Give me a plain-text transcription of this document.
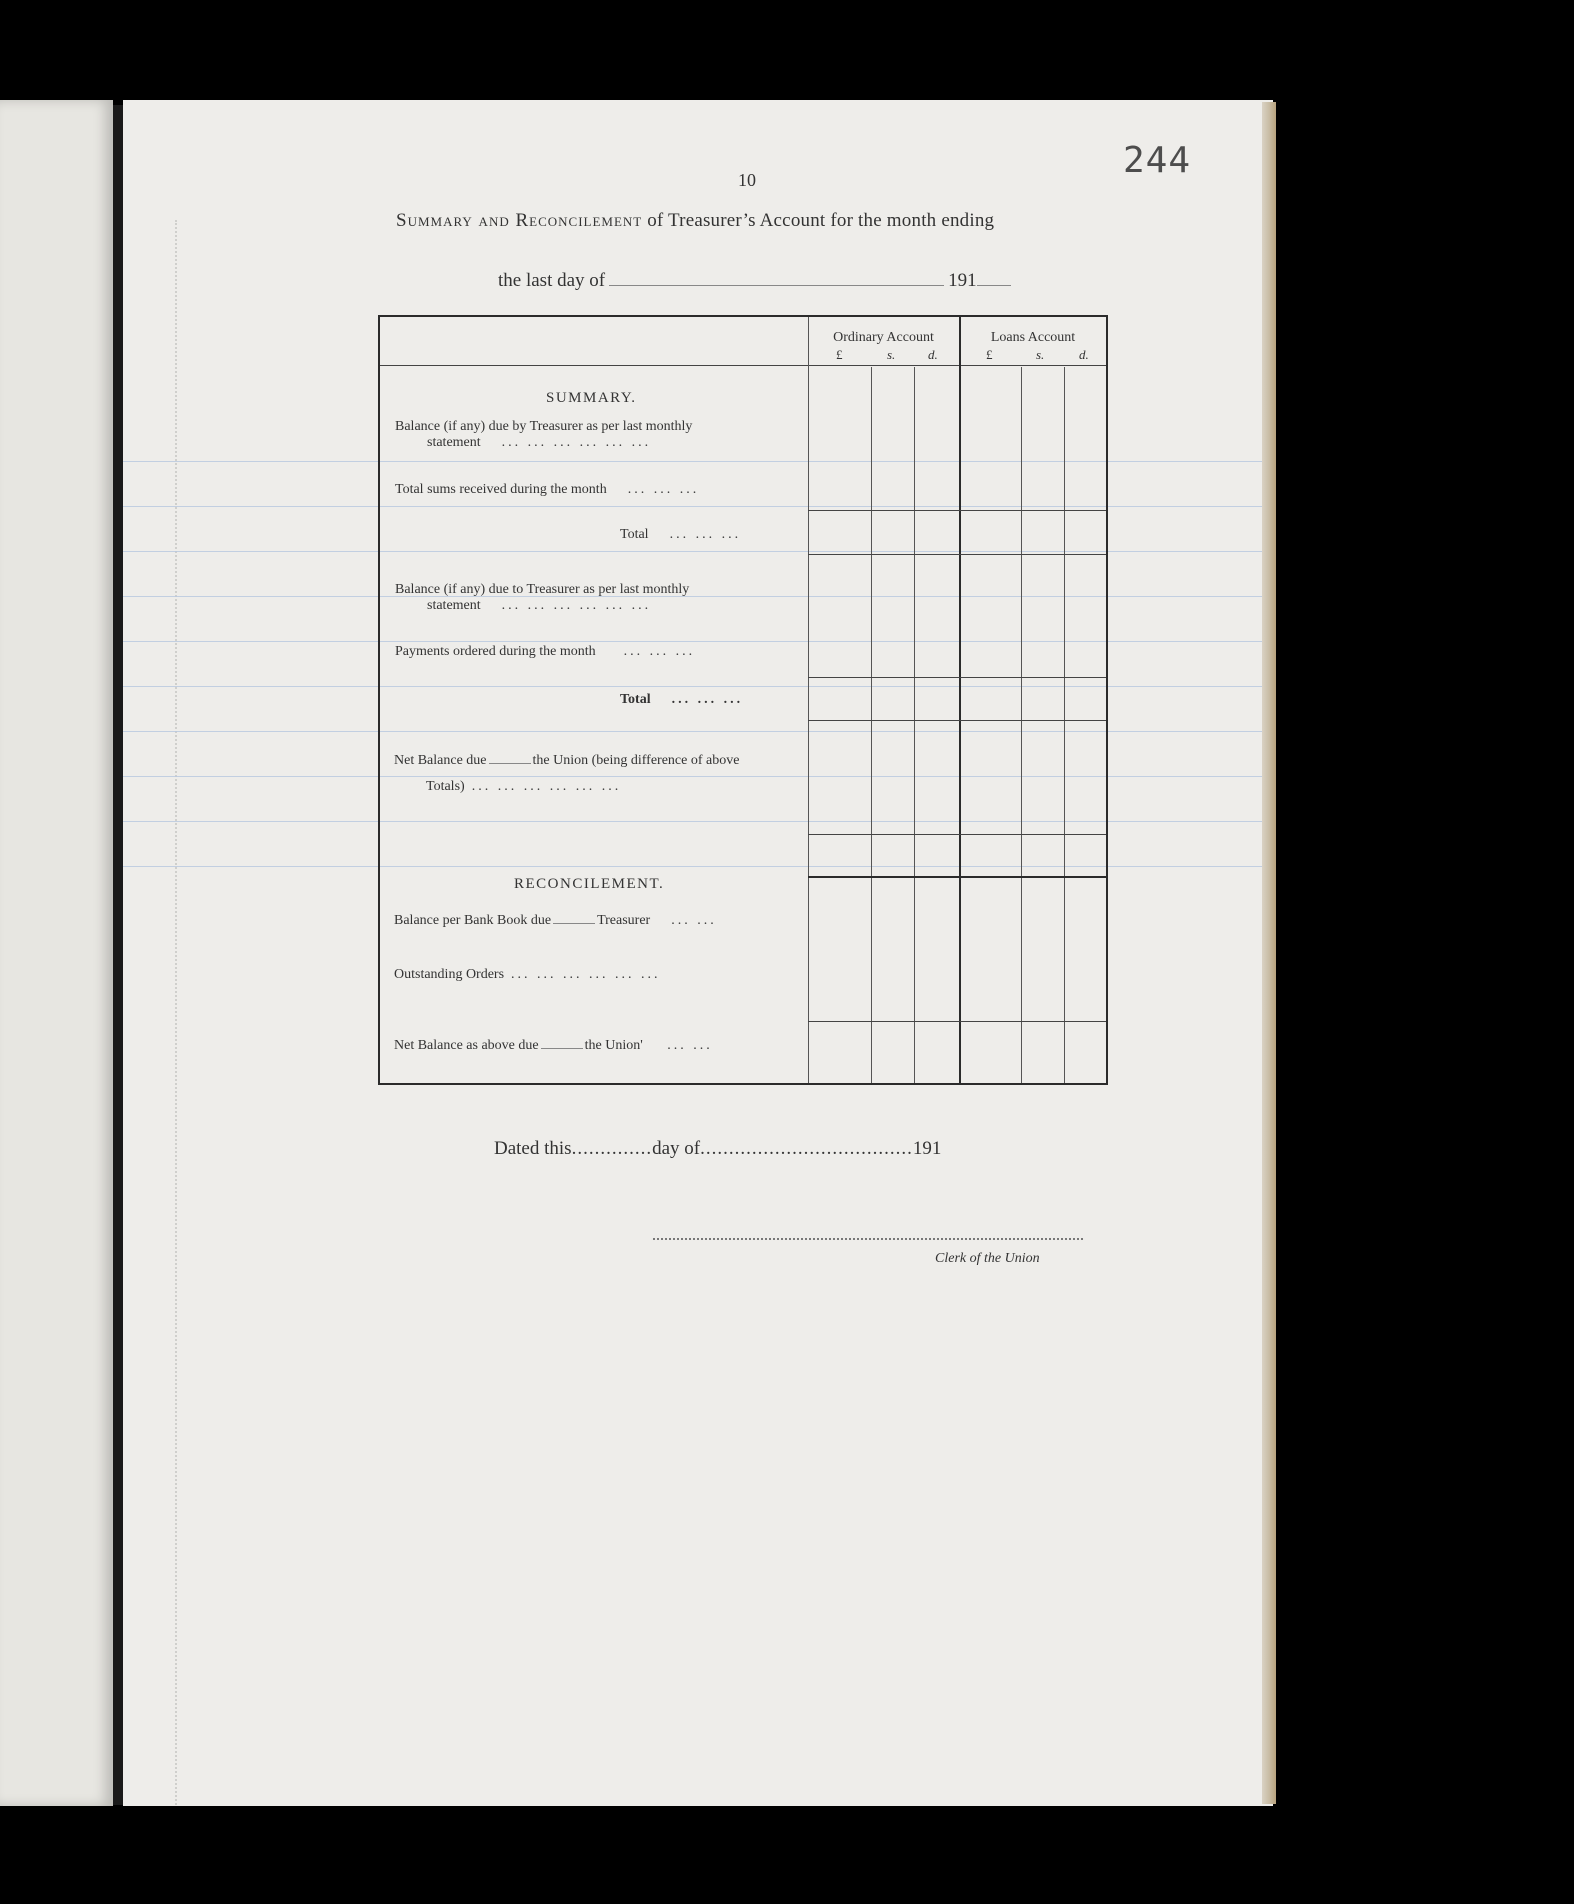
244
10
Summary and Reconcilement of Treasurer’s Account for the month ending
the last day of	191
Ordinary Account	Loans Account
£	s.	d.	£	s.	d.
SUMMARY.
Balance (if any) due by Treasurer as per last monthly
statement ... ... ... ... ... ...
Total sums received during the month ... ... ...
Total ... ... ...
Balance (if any) due to Treasurer as per last monthly
statement ... ... ... ... ... ...
Payments ordered during the month ... ... ...
Total ... ... ...
Net Balance due	the Union (being difference of above
Totals) ... ... ... ... ... ...
RECONCILEMENT.
Balance per Bank Book due	Treasurer ... ...
Outstanding Orders ... ... ... ... ... ...
Net Balance as above due	the Union' ... ...
Dated this..............day of.....................................191
Clerk of the Union
